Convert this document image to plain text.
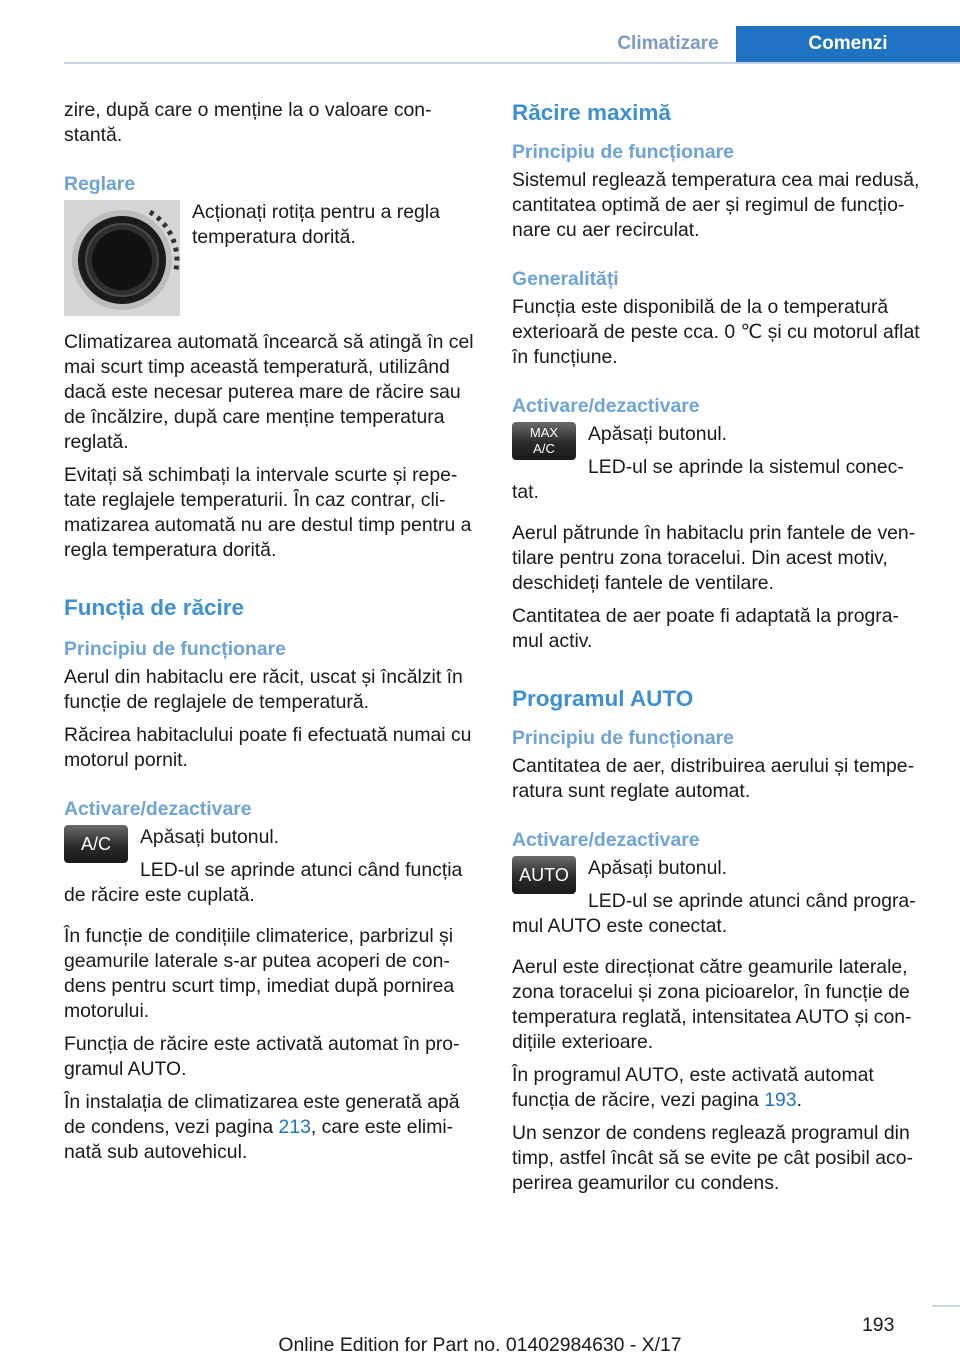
Climatizare	Comenzi

zire, după care o menține la o valoare con‐stantă.

Reglare

Acționați rotița pentru a regla temperatura dorită.

Climatizarea automată încearcă să atingă în cel mai scurt timp această temperatură, utilizând dacă este necesar puterea mare de răcire sau de încălzire, după care menține temperatura reglată.

Evitați să schimbați la intervale scurte și repe‐tate reglajele temperaturii. În caz contrar, cli‐matizarea automată nu are destul timp pentru a regla temperatura dorită.

Funcția de răcire
Principiu de funcționare

Aerul din habitaclu ere răcit, uscat și încălzit în funcție de reglajele de temperatură.

Răcirea habitaclului poate fi efectuată numai cu motorul pornit.

Activare/dezactivare
A/C	Apăsați butonul.

LED-ul se aprinde atunci când funcția de răcire este cuplată.

În funcție de condițiile climaterice, parbrizul și geamurile laterale s-ar putea acoperi de con‐dens pentru scurt timp, imediat după pornirea motorului.

Funcția de răcire este activată automat în pro‐gramul AUTO.

În instalația de climatizarea este generată apă de condens, vezi pagina 213, care este elimi‐nată sub autovehicul.

Răcire maximă
Principiu de funcționare

Sistemul reglează temperatura cea mai redusă, cantitatea optimă de aer și regimul de funcțio‐nare cu aer recirculat.

Generalități

Funcția este disponibilă de la o temperatură exterioară de peste cca. 0 ℃ și cu motorul aflat în funcțiune.

Activare/dezactivare
MAX
A/C

Apăsați butonul.

LED-ul se aprinde la sistemul conec‐tat.

Aerul pătrunde în habitaclu prin fantele de ven‐tilare pentru zona toracelui. Din acest motiv, deschideți fantele de ventilare.

Cantitatea de aer poate fi adaptată la progra‐mul activ.

Programul AUTO
Principiu de funcționare

Cantitatea de aer, distribuirea aerului și tempe‐ratura sunt reglate automat.

Activare/dezactivare
AUTO Apăsați butonul.

LED-ul se aprinde atunci când progra‐mul AUTO este conectat.

Aerul este direcționat către geamurile laterale, zona toracelui și zona picioarelor, în funcție de temperatura reglată, intensitatea AUTO și con‐dițiile exterioare.

În programul AUTO, este activată automat funcția de răcire, vezi pagina 193.

Un senzor de condens reglează programul din timp, astfel încât să se evite pe cât posibil aco‐perirea geamurilor cu condens.

193
Online Edition for Part no. 01402984630 - X/17
